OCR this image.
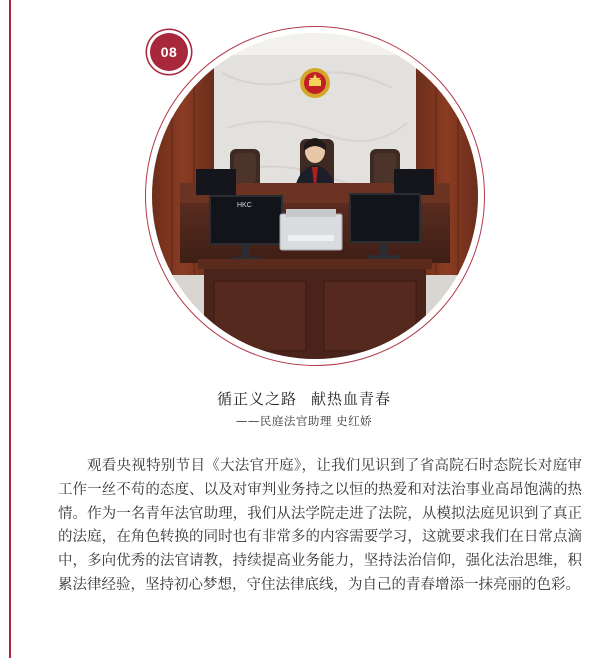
HKC
08
循正义之路 献热血青春
——民庭法官助理 史红娇

观看央视特别节目《大法官开庭》，让我们见识到了省高院石时态院长对庭审工作一丝不苟的态度、以及对审判业务持之以恒的热爱和对法治事业高昂饱满的热情。作为一名青年法官助理，我们从法学院走进了法院，从模拟法庭见识到了真正的法庭，在角色转换的同时也有非常多的内容需要学习，这就要求我们在日常点滴中，多向优秀的法官请教，持续提高业务能力，坚持法治信仰，强化法治思维，积累法律经验，坚持初心梦想，守住法律底线，为自己的青春增添一抹亮丽的色彩。
